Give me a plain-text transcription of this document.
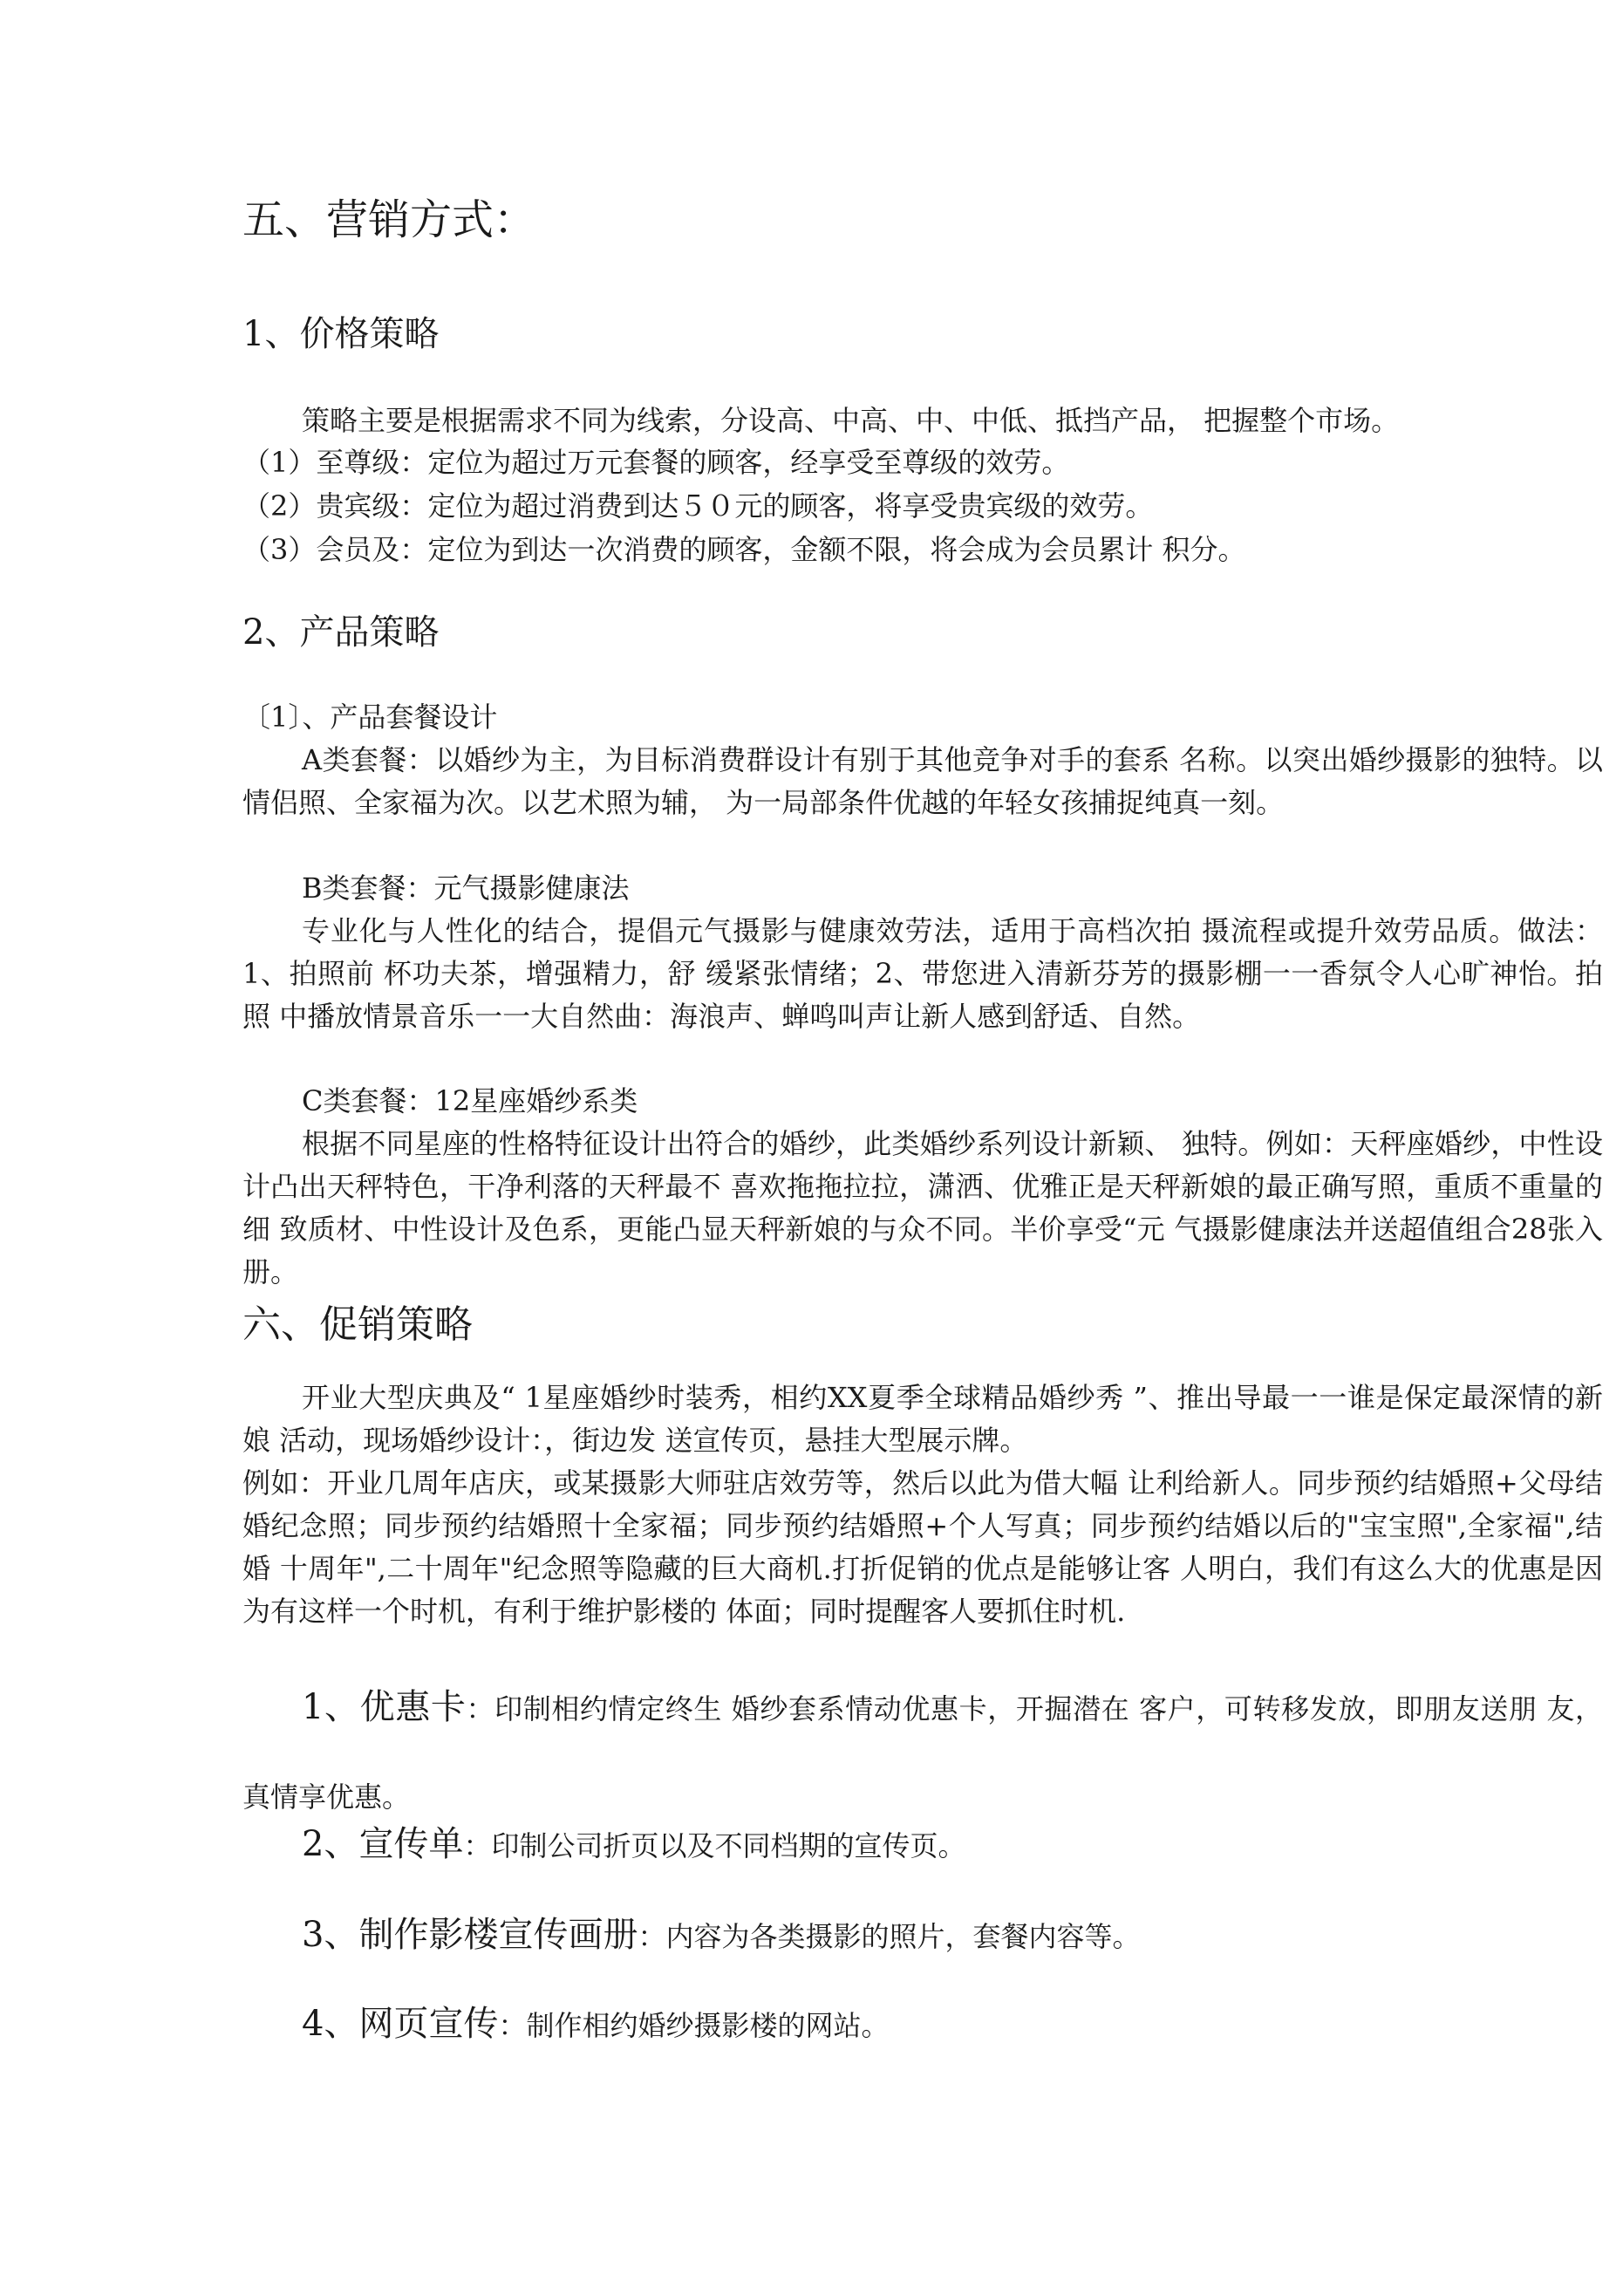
五、营销方式：
1、价格策略
策略主要是根据需求不同为线索，分设高、中高、中、中低、抵挡产品， 把握整个市场。
（1）至尊级：定位为超过万元套餐的顾客，经享受至尊级的效劳。
（2）贵宾级：定位为超过消费到达５０元的顾客，将享受贵宾级的效劳。
（3）会员及：定位为到达一次消费的顾客，金额不限，将会成为会员累计 积分。
2、产品策略
〔1〕、产品套餐设计
A类套餐：以婚纱为主，为目标消费群设计有别于其他竞争对手的套系 名称。以突出婚纱摄影的独特。以情侣照、全家福为次。以艺术照为辅， 为一局部条件优越的年轻女孩捕捉纯真一刻。
B类套餐：元气摄影健康法
专业化与人性化的结合，提倡元气摄影与健康效劳法，适用于高档次拍 摄流程或提升效劳品质。做法：1、拍照前 杯功夫茶，增强精力，舒 缓紧张情绪；2、带您进入清新芬芳的摄影棚一一香氛令人心旷神怡。拍照 中播放情景音乐一一大自然曲：海浪声、蝉鸣叫声让新人感到舒适、自然。
C类套餐：12星座婚纱系类
根据不同星座的性格特征设计出符合的婚纱，此类婚纱系列设计新颖、 独特。例如：天秤座婚纱，中性设计凸出天秤特色，干净利落的天秤最不 喜欢拖拖拉拉，潇洒、优雅正是天秤新娘的最正确写照，重质不重量的细 致质材、中性设计及色系，更能凸显天秤新娘的与众不同。半价享受“元 气摄影健康法并送超值组合28张入册。
六、促销策略
开业大型庆典及“ 1星座婚纱时装秀，相约XX夏季全球精品婚纱秀 ”、推出导最一一谁是保定最深情的新娘 活动，现场婚纱设计：，街边发 送宣传页，悬挂大型展示牌。
例如：开业几周年店庆，或某摄影大师驻店效劳等，然后以此为借大幅 让利给新人。同步预约结婚照+父母结婚纪念照；同步预约结婚照十全家福；同步预约结婚照+个人写真；同步预约结婚以后的"宝宝照",全家福",结婚 十周年",二十周年"纪念照等隐藏的巨大商机.打折促销的优点是能够让客 人明白，我们有这么大的优惠是因为有这样一个时机，有利于维护影楼的 体面；同时提醒客人要抓住时机.
1、优惠卡：印制相约情定终生 婚纱套系情动优惠卡，开掘潜在 客户，可转移发放，即朋友送朋 友，真情享优惠。
2、宣传单：印制公司折页以及不同档期的宣传页。
3、制作影楼宣传画册：内容为各类摄影的照片，套餐内容等。
4、网页宣传：制作相约婚纱摄影楼的网站。
